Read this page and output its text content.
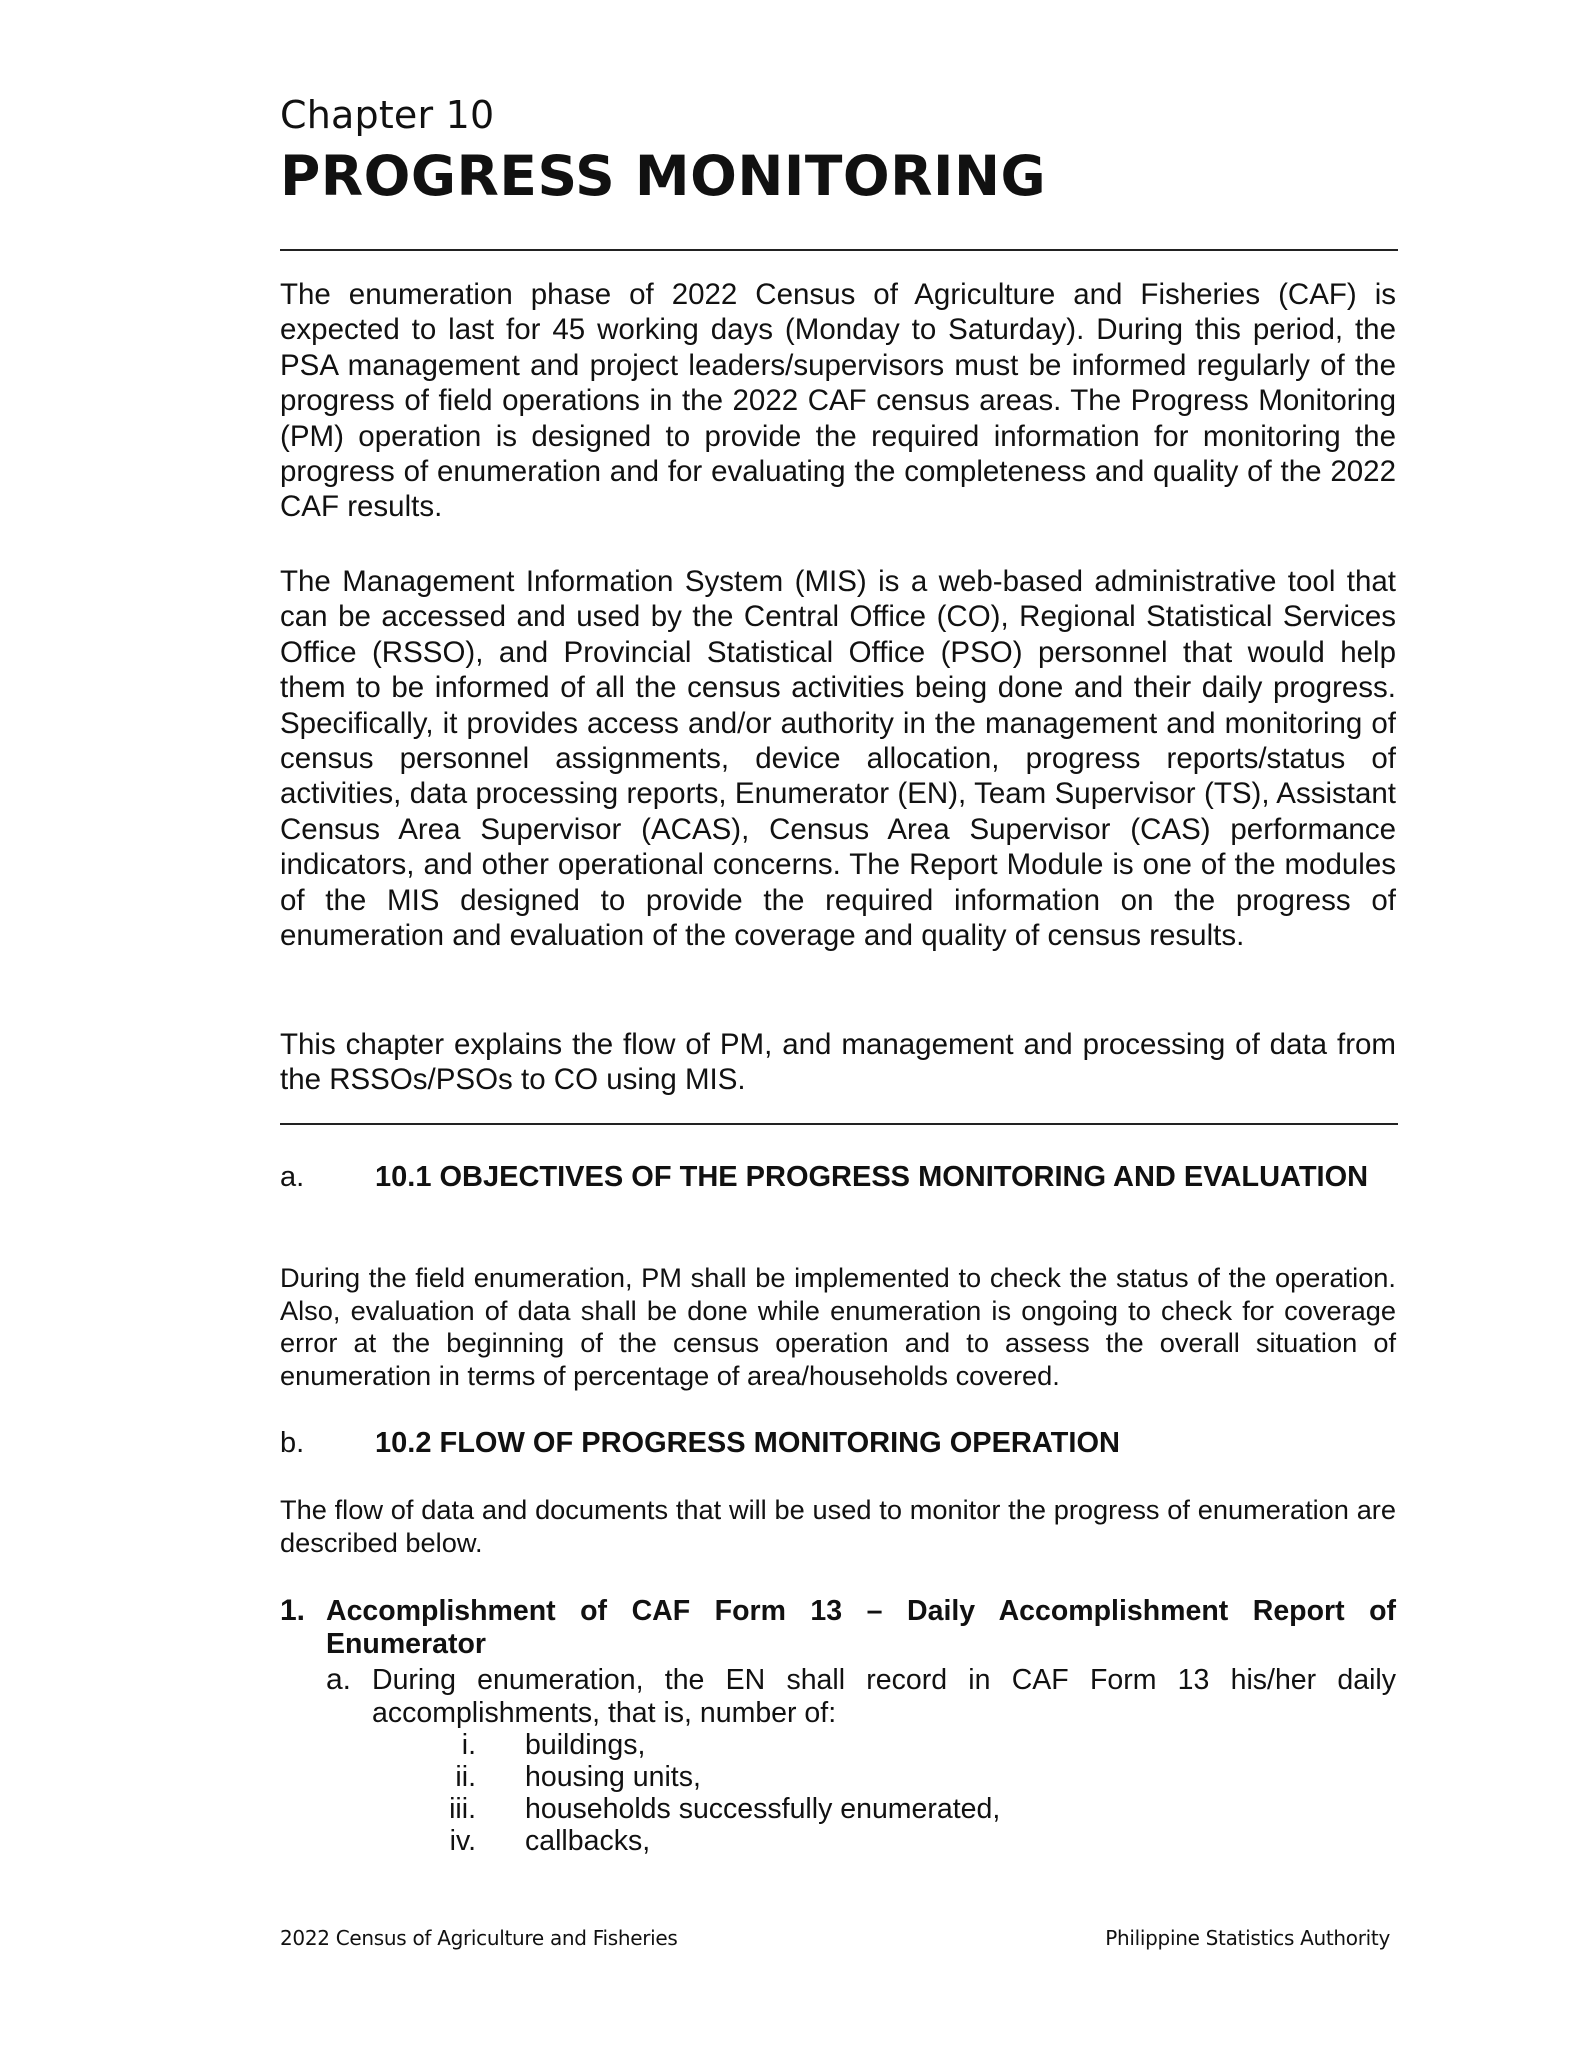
Chapter 10
PROGRESS MONITORING

The enumeration phase of 2022 Census of Agriculture and Fisheries (CAF) is expected to last for 45 working days (Monday to Saturday). During this period, the PSA management and project leaders/supervisors must be informed regularly of the progress of field operations in the 2022 CAF census areas. The Progress Monitoring (PM) operation is designed to provide the required information for monitoring the progress of enumeration and for evaluating the completeness and quality of the 2022 CAF results.

The Management Information System (MIS) is a web-based administrative tool that can be accessed and used by the Central Office (CO), Regional Statistical Services Office (RSSO), and Provincial Statistical Office (PSO) personnel that would help them to be informed of all the census activities being done and their daily progress. Specifically, it provides access and/or authority in the management and monitoring of census personnel assignments, device allocation, progress reports/status of activities, data processing reports, Enumerator (EN), Team Supervisor (TS), Assistant Census Area Supervisor (ACAS), Census Area Supervisor (CAS) performance indicators, and other operational concerns. The Report Module is one of the modules of the MIS designed to provide the required information on the progress of enumeration and evaluation of the coverage and quality of census results.

This chapter explains the flow of PM, and management and processing of data from the RSSOs/PSOs to CO using MIS.

a. 10.1 OBJECTIVES OF THE PROGRESS MONITORING AND EVALUATION

During the field enumeration, PM shall be implemented to check the status of the operation. Also, evaluation of data shall be done while enumeration is ongoing to check for coverage error at the beginning of the census operation and to assess the overall situation of enumeration in terms of percentage of area/households covered.

b. 10.2 FLOW OF PROGRESS MONITORING OPERATION

The flow of data and documents that will be used to monitor the progress of enumeration are described below.

1. Accomplishment of CAF Form 13 – Daily Accomplishment Report of Enumerator
a. During enumeration, the EN shall record in CAF Form 13 his/her daily accomplishments, that is, number of:
i. buildings,
ii. housing units,
iii. households successfully enumerated,
iv. callbacks,
2022 Census of Agriculture and Fisheries	Philippine Statistics Authority
